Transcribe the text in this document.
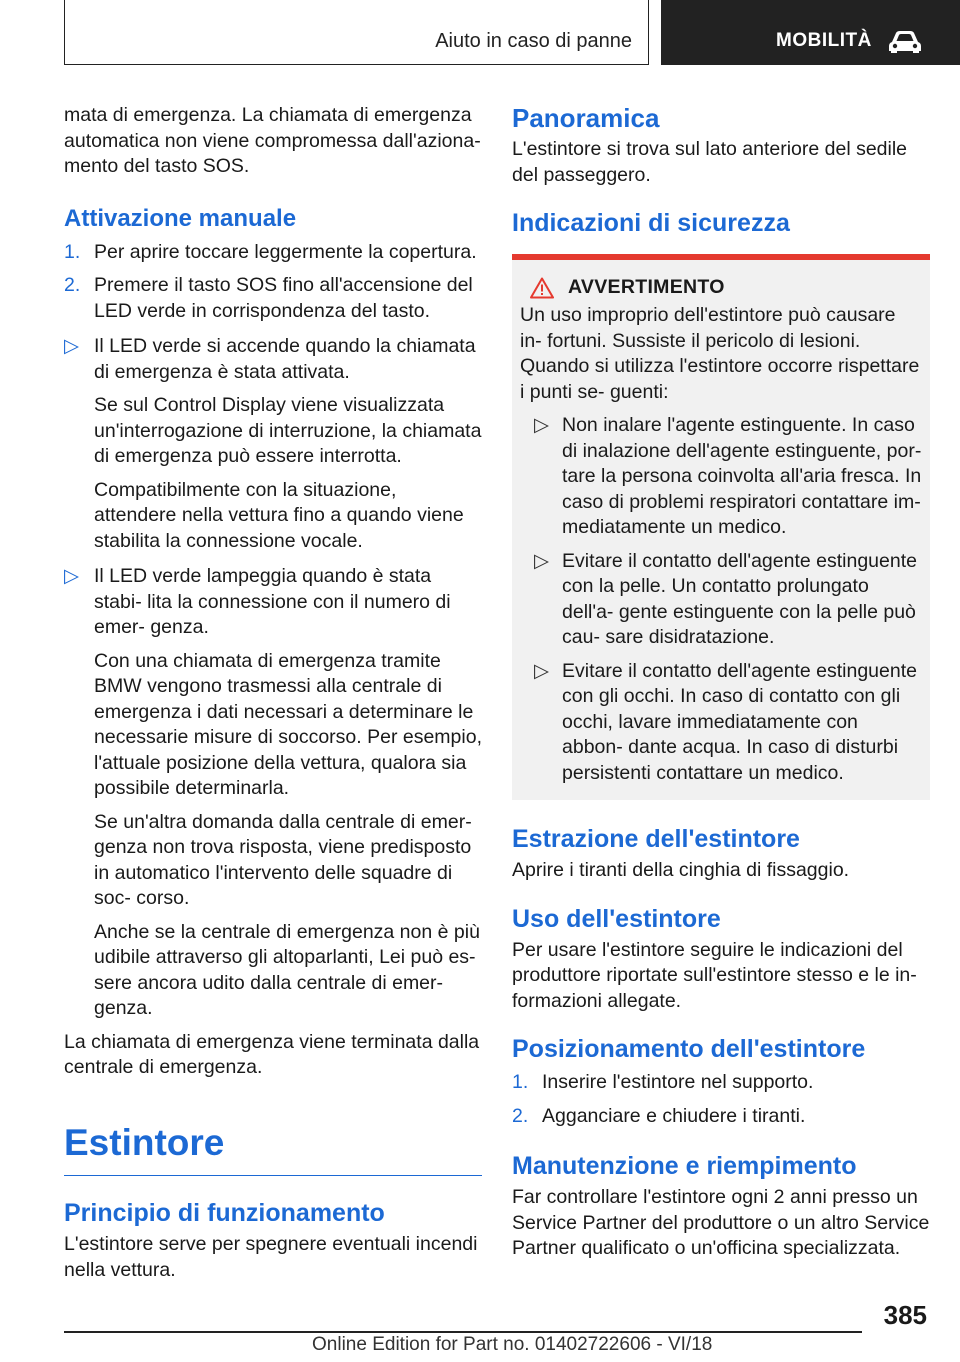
Aiuto in caso di panne	MOBILITÀ

mata di emergenza. La chiamata di emergenza automatica non viene compromessa dall'aziona- mento del tasto SOS.

Attivazione manuale
1. Per aprire toccare leggermente la copertura.

2. Premere il tasto SOS fino all'accensione del LED verde in corrispondenza del tasto.

▷ Il LED verde si accende quando la chiamata di emergenza è stata attivata.

Se sul Control Display viene visualizzata un'interrogazione di interruzione, la chiamata di emergenza può essere interrotta.

Compatibilmente con la situazione, attendere nella vettura fino a quando viene stabilita la connessione vocale.

▷ Il LED verde lampeggia quando è stata stabi- lita la connessione con il numero di emer- genza.

Con una chiamata di emergenza tramite BMW vengono trasmessi alla centrale di emergenza i dati necessari a determinare le necessarie misure di soccorso. Per esempio, l'attuale posizione della vettura, qualora sia possibile determinarla.

Se un'altra domanda dalla centrale di emer- genza non trova risposta, viene predisposto in automatico l'intervento delle squadre di soc- corso.

Anche se la centrale di emergenza non è più udibile attraverso gli altoparlanti, Lei può es- sere ancora udito dalla centrale di emer- genza.

La chiamata di emergenza viene terminata dalla centrale di emergenza.

Estintore
Principio di funzionamento

L'estintore serve per spegnere eventuali incendi nella vettura.

Panoramica

L'estintore si trova sul lato anteriore del sedile del passeggero.

Indicazioni di sicurezza
AVVERTIMENTO

Un uso improprio dell'estintore può causare in- fortuni. Sussiste il pericolo di lesioni. Quando si utilizza l'estintore occorre rispettare i punti se- guenti:

▷ Non inalare l'agente estinguente. In caso di inalazione dell'agente estinguente, por- tare la persona coinvolta all'aria fresca. In caso di problemi respiratori contattare im- mediatamente un medico.

▷ Evitare il contatto dell'agente estinguente con la pelle. Un contatto prolungato dell'a- gente estinguente con la pelle può cau- sare disidratazione.

▷ Evitare il contatto dell'agente estinguente con gli occhi. In caso di contatto con gli occhi, lavare immediatamente con abbon- dante acqua. In caso di disturbi persistenti contattare un medico.

Estrazione dell'estintore

Aprire i tiranti della cinghia di fissaggio.

Uso dell'estintore

Per usare l'estintore seguire le indicazioni del produttore riportate sull'estintore stesso e le in- formazioni allegate.

Posizionamento dell'estintore
1. Inserire l'estintore nel supporto.

2. Agganciare e chiudere i tiranti.

Manutenzione e riempimento

Far controllare l'estintore ogni 2 anni presso un Service Partner del produttore o un altro Service Partner qualificato o un'officina specializzata.

385
Online Edition for Part no. 01402722606 - VI/18
